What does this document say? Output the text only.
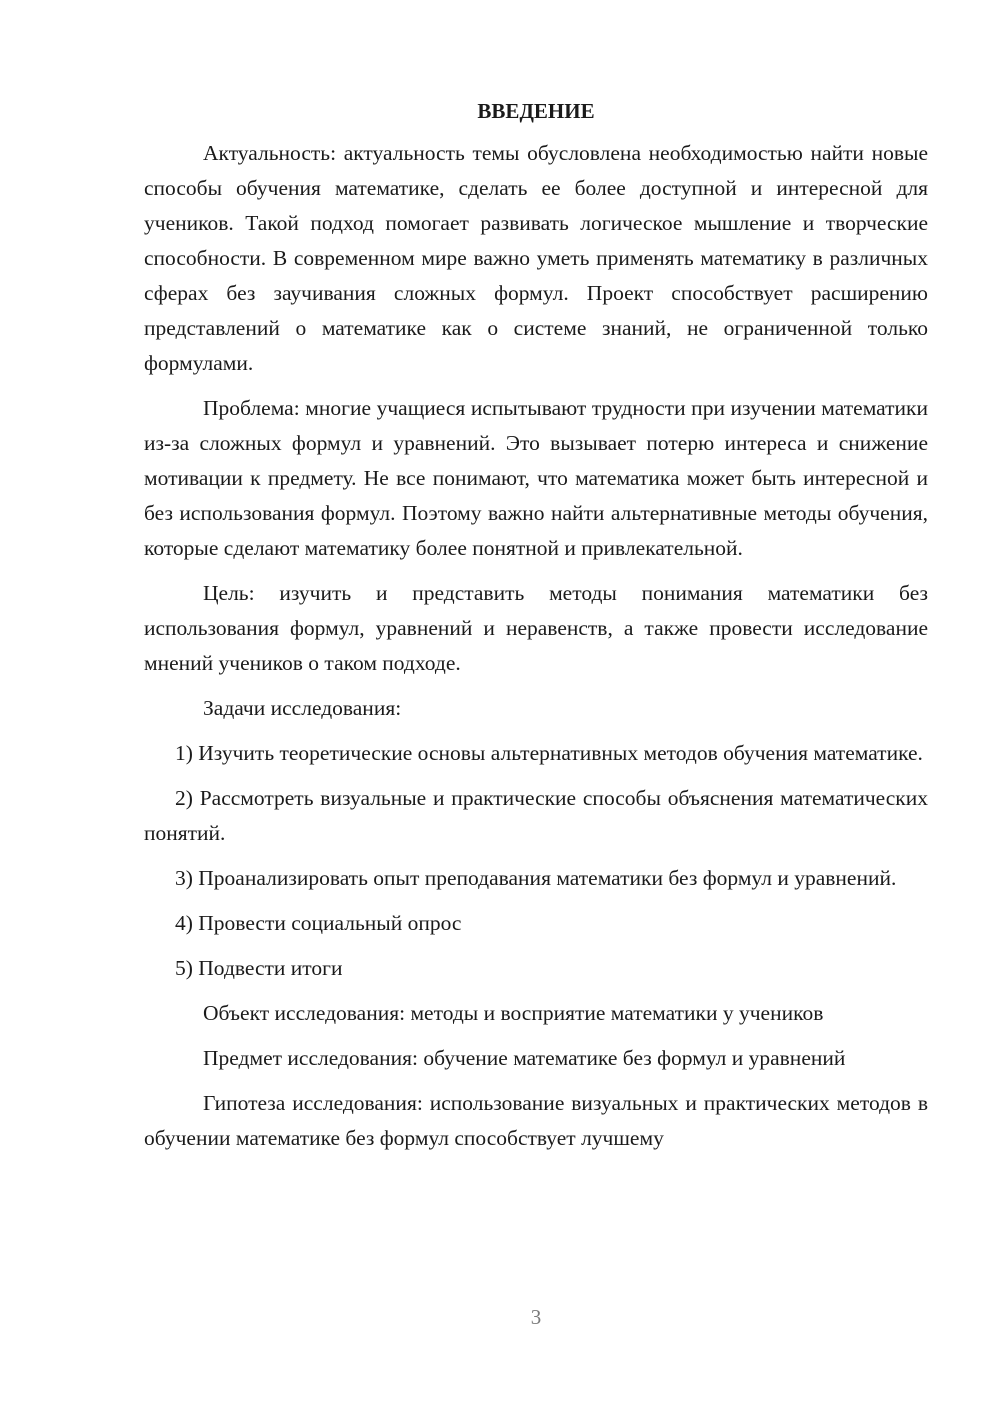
ВВЕДЕНИЕ

Актуальность: актуальность темы обусловлена необходимостью найти новые способы обучения математике, сделать ее более доступной и интересной для учеников. Такой подход помогает развивать логическое мышление и творческие способности. В современном мире важно уметь применять математику в различных сферах без заучивания сложных формул. Проект способствует расширению представлений о математике как о системе знаний, не ограниченной только формулами.

Проблема: многие учащиеся испытывают трудности при изучении математики из-за сложных формул и уравнений. Это вызывает потерю интереса и снижение мотивации к предмету. Не все понимают, что математика может быть интересной и без использования формул. Поэтому важно найти альтернативные методы обучения, которые сделают математику более понятной и привлекательной.

Цель: изучить и представить методы понимания математики без использования формул, уравнений и неравенств, а также провести исследование мнений учеников о таком подходе.

Задачи исследования:

1) Изучить теоретические основы альтернативных методов обучения математике.

2) Рассмотреть визуальные и практические способы объяснения математических понятий.

3) Проанализировать опыт преподавания математики без формул и уравнений.

4) Провести социальный опрос

5) Подвести итоги

Объект исследования: методы и восприятие математики у учеников

Предмет исследования: обучение математике без формул и уравнений

Гипотеза исследования: использование визуальных и практических методов в обучении математике без формул способствует лучшему

3
